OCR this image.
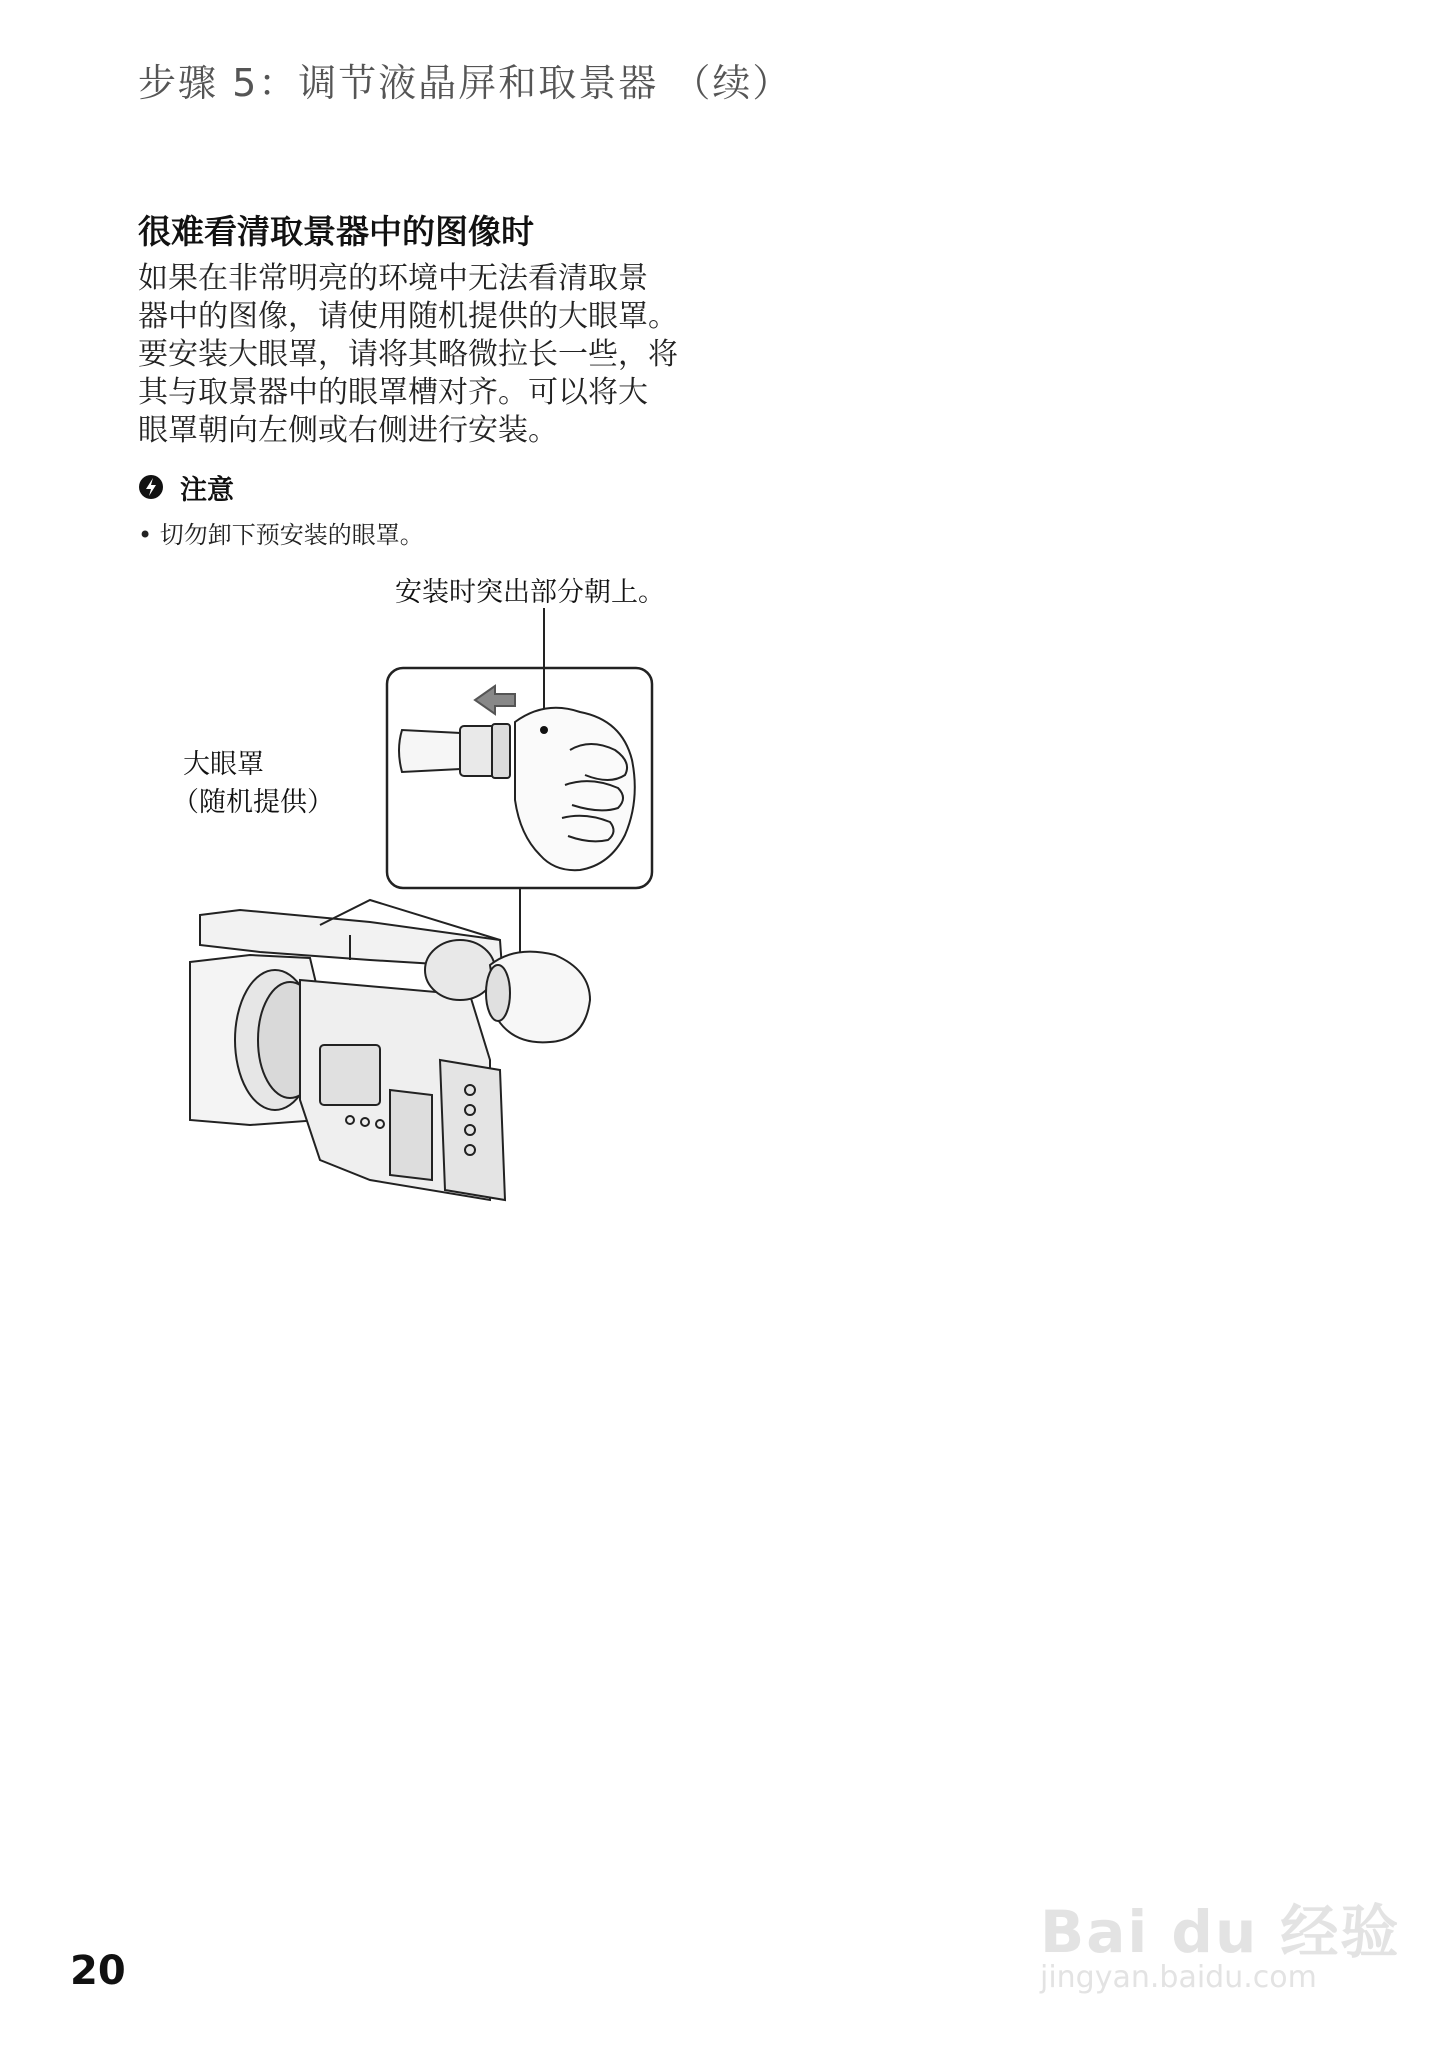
步骤 5：调节液晶屏和取景器 （续）
很难看清取景器中的图像时
如果在非常明亮的环境中无法看清取景
器中的图像，请使用随机提供的大眼罩。
要安装大眼罩，请将其略微拉长一些，将
其与取景器中的眼罩槽对齐。可以将大
眼罩朝向左侧或右侧进行安装。
注意
• 切勿卸下预安装的眼罩。
安装时突出部分朝上。
大眼罩
（随机提供）
20
Bai du 经验
jingyan.baidu.com
